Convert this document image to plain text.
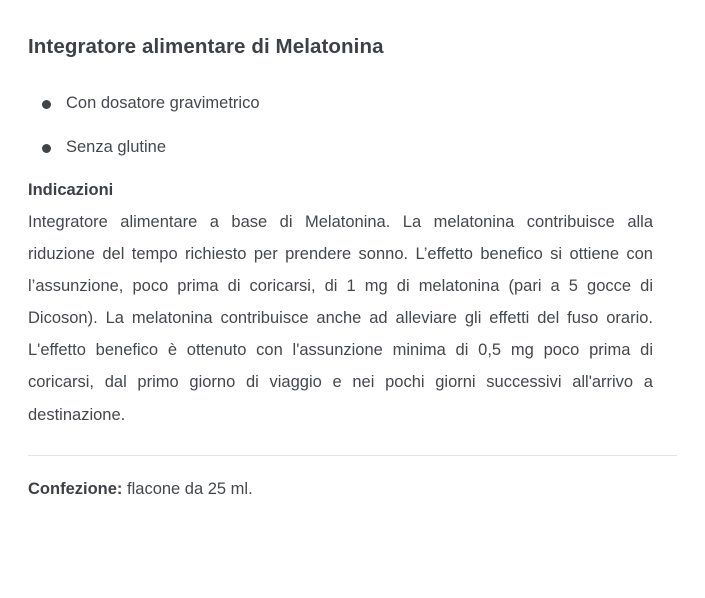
Integratore alimentare di Melatonina
Con dosatore gravimetrico
Senza glutine
Indicazioni

Integratore alimentare a base di Melatonina. La melatonina contribuisce alla riduzione del tempo richiesto per prendere sonno. L’effetto benefico si ottiene con l’assunzione, poco prima di coricarsi, di 1 mg di melatonina (pari a 5 gocce di Dicoson). La melatonina contribuisce anche ad alleviare gli effetti del fuso orario. L'effetto benefico è ottenuto con l'assunzione minima di 0,5 mg poco prima di coricarsi, dal primo giorno di viaggio e nei pochi giorni successivi all'arrivo a destinazione.

Confezione: flacone da 25 ml.
